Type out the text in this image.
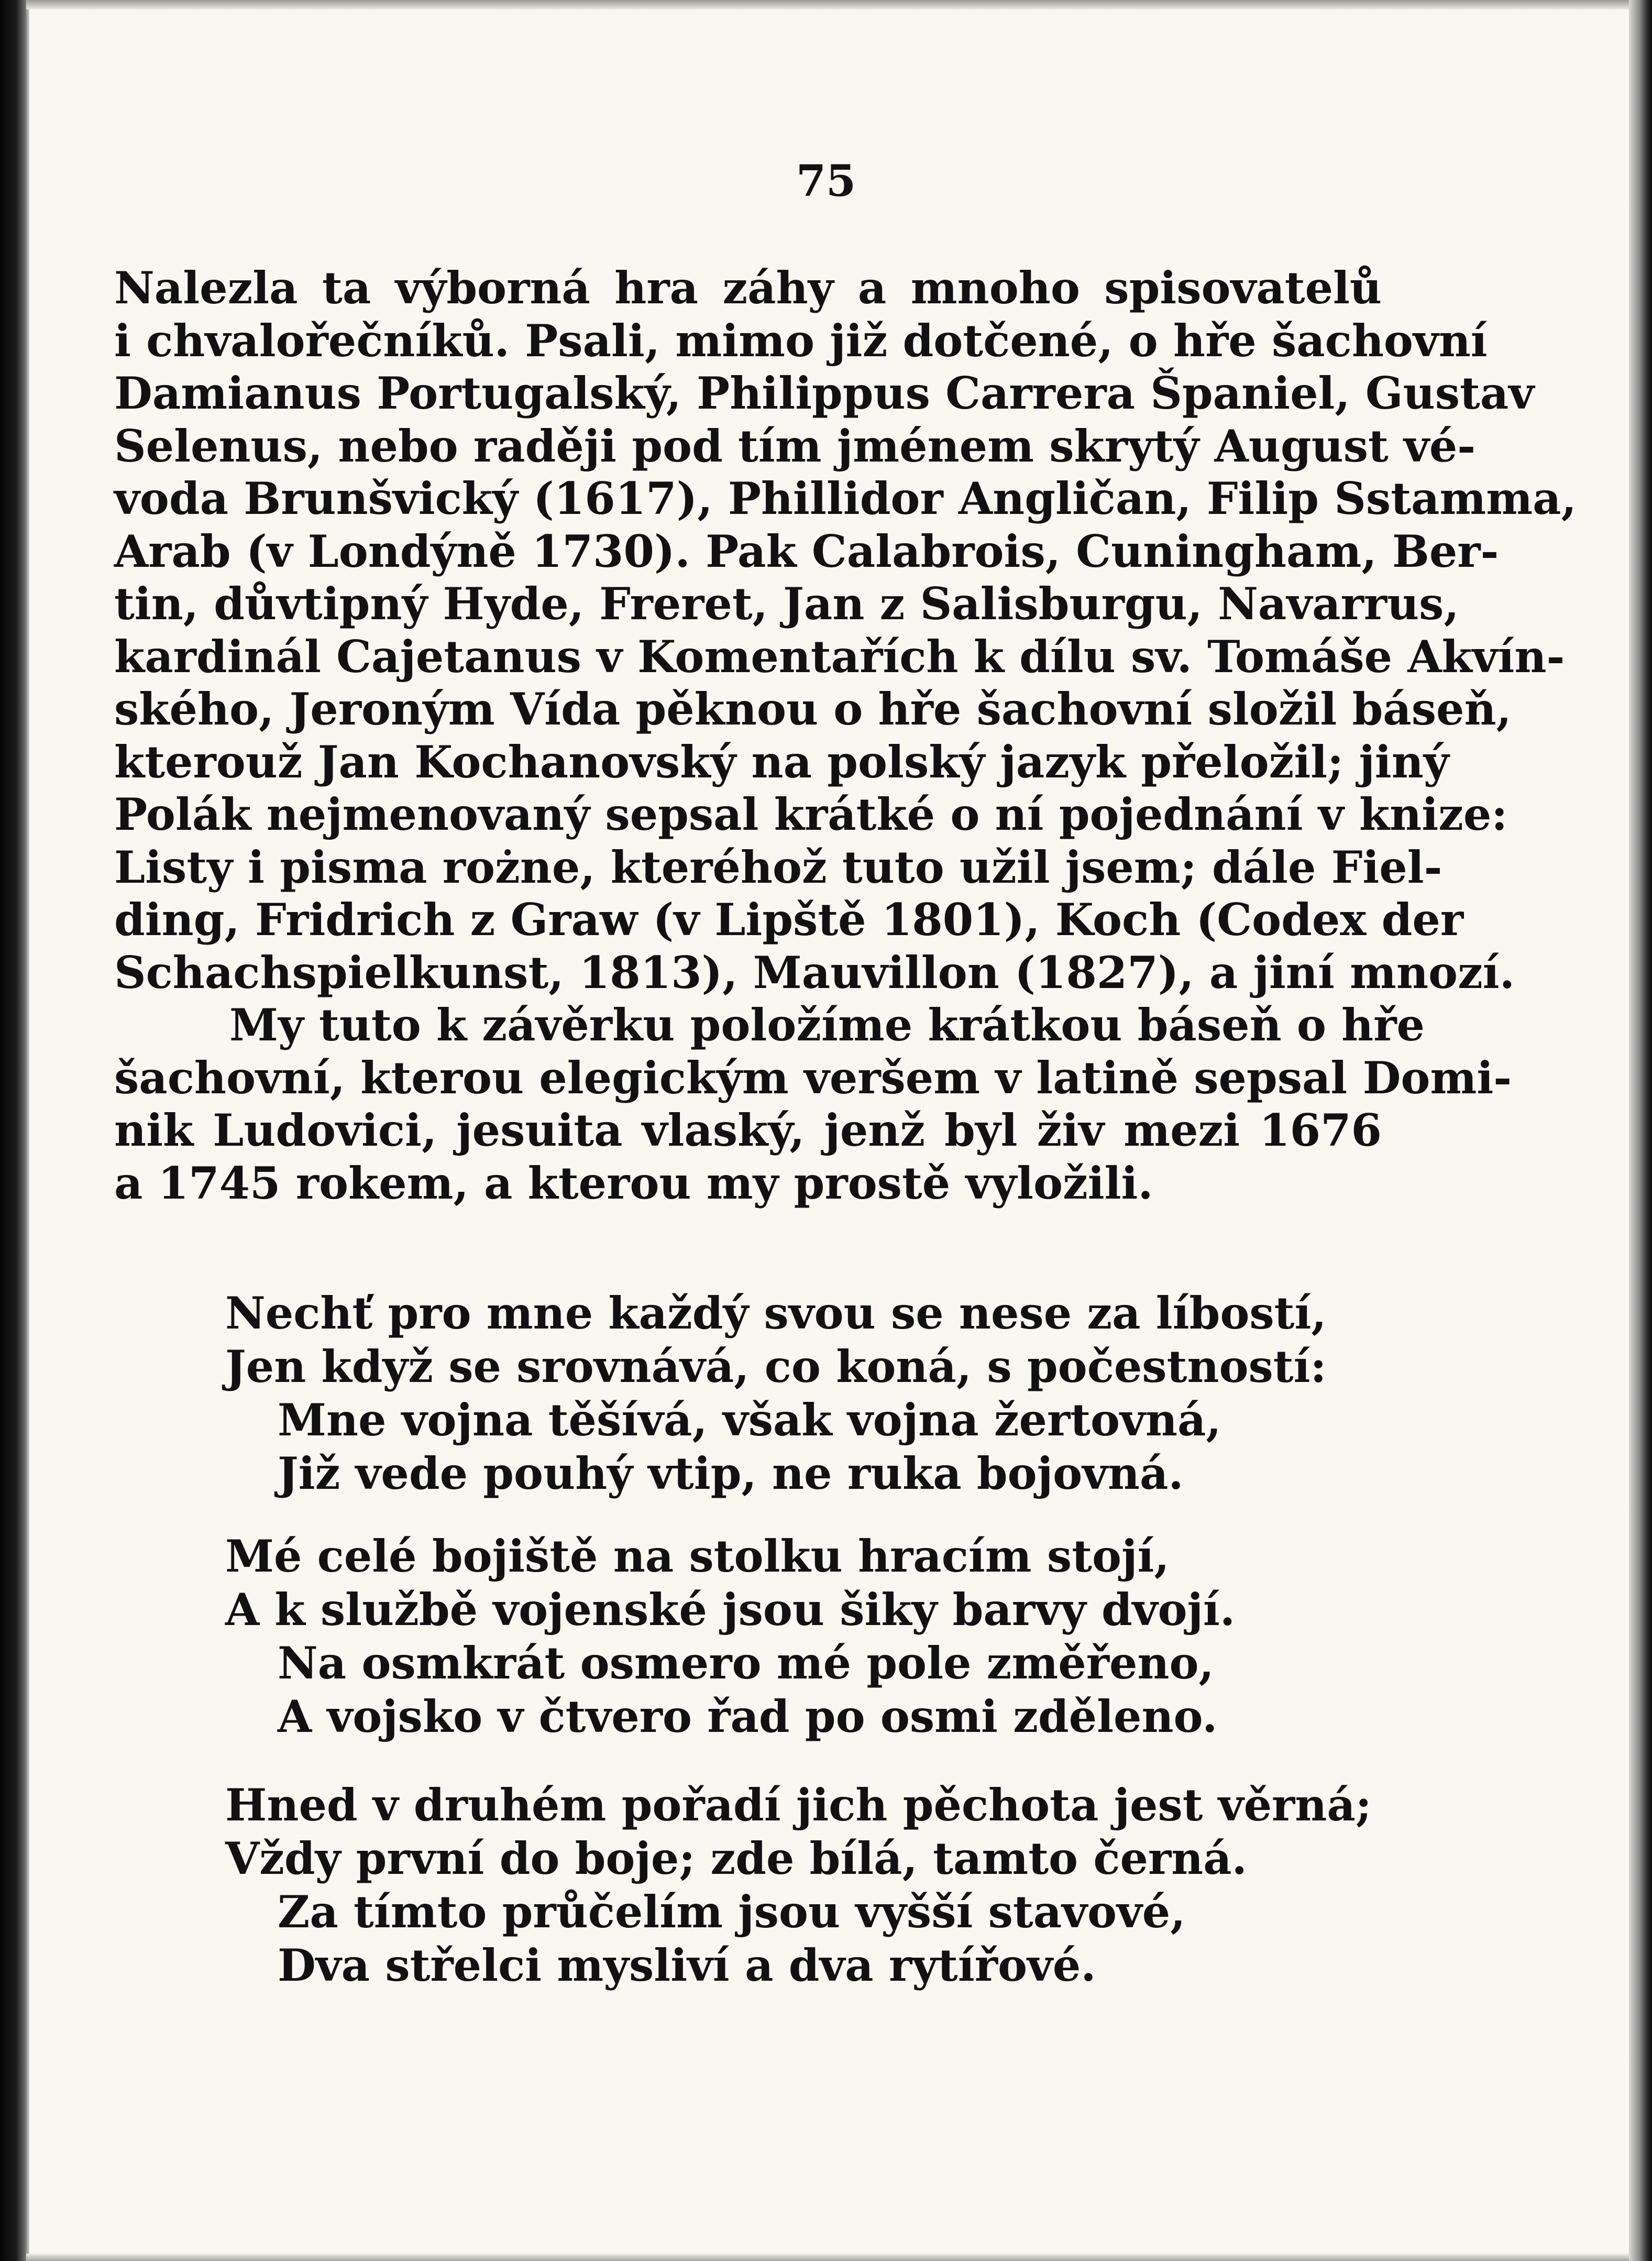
75
Nalezla ta výborná hra záhy a mnoho spisovatelů
i chvalořečníků. Psali, mimo již dotčené, o hře šachovní
Damianus Portugalský, Philippus Carrera Španiel, Gustav
Selenus, nebo raději pod tím jménem skrytý August vé-
voda Brunšvický (1617), Phillidor Angličan, Filip Sstamma,
Arab (v Londýně 1730). Pak Calabrois, Cuningham, Ber-
tin, důvtipný Hyde, Freret, Jan z Salisburgu, Navarrus,
kardinál Cajetanus v Komentařích k dílu sv. Tomáše Akvín-
ského, Jeroným Vída pěknou o hře šachovní složil báseň,
kterouž Jan Kochanovský na polský jazyk přeložil; jiný
Polák nejmenovaný sepsal krátké o ní pojednání v knize:
Listy i pisma rożne, kteréhož tuto užil jsem; dále Fiel-
ding, Fridrich z Graw (v Lipště 1801), Koch (Codex der
Schachspielkunst, 1813), Mauvillon (1827), a jiní mnozí.
My tuto k závěrku položíme krátkou báseň o hře
šachovní, kterou elegickým veršem v latině sepsal Domi-
nik Ludovici, jesuita vlaský, jenž byl živ mezi 1676
a 1745 rokem, a kterou my prostě vyložili.
Nechť pro mne každý svou se nese za líbostí,
Jen když se srovnává, co koná, s počestností:
Mne vojna těšívá, však vojna žertovná,
Již vede pouhý vtip, ne ruka bojovná.
Mé celé bojiště na stolku hracím stojí,
A k službě vojenské jsou šiky barvy dvojí.
Na osmkrát osmero mé pole změřeno,
A vojsko v čtvero řad po osmi zděleno.
Hned v druhém pořadí jich pěchota jest věrná;
Vždy první do boje; zde bílá, tamto černá.
Za tímto průčelím jsou vyšší stavové,
Dva střelci mysliví a dva rytířové.
